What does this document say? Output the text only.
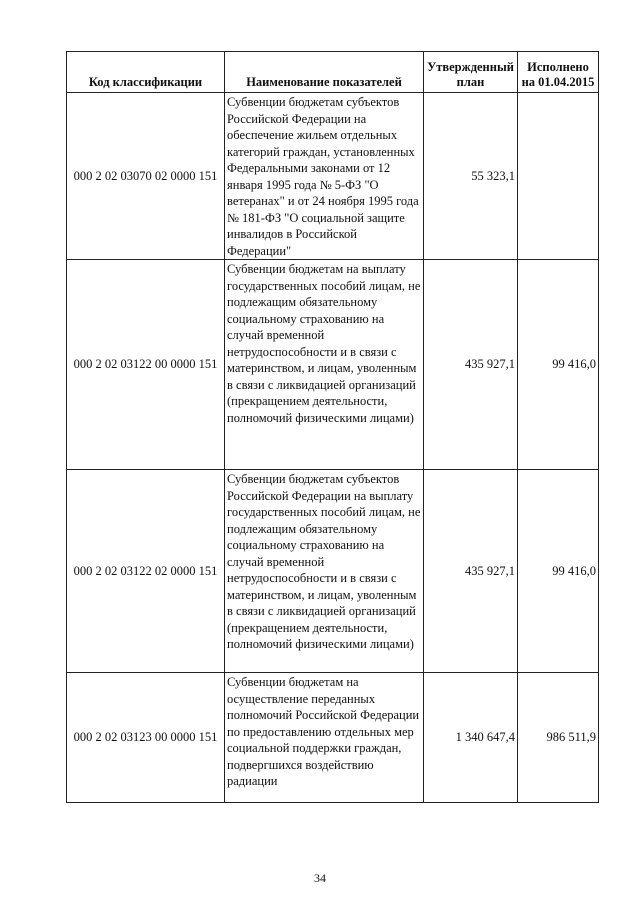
Код классификации	Наименование показателей	Утвержденный план	Исполнено на 01.04.2015
000 2 02 03070 02 0000 151	Субвенции бюджетам субъектов Российской Федерации на обеспечение жильем отдельных категорий граждан, установленных Федеральными законами от 12 января 1995 года № 5-ФЗ "О ветеранах" и от 24 ноября 1995 года № 181-ФЗ "О социальной защите инвалидов в Российской Федерации"	55 323,1	
000 2 02 03122 00 0000 151	Субвенции бюджетам на выплату государственных пособий лицам, не подлежащим обязательному социальному страхованию на случай временной нетрудоспособности и в связи с материнством, и лицам, уволенным в связи с ликвидацией организаций (прекращением деятельности, полномочий физическими лицами)	435 927,1	99 416,0
000 2 02 03122 02 0000 151	Субвенции бюджетам субъектов Российской Федерации на выплату государственных пособий лицам, не подлежащим обязательному социальному страхованию на случай временной нетрудоспособности и в связи с материнством, и лицам, уволенным в связи с ликвидацией организаций (прекращением деятельности, полномочий физическими лицами)	435 927,1	99 416,0
000 2 02 03123 00 0000 151	Субвенции бюджетам на осуществление переданных полномочий Российской Федерации по предоставлению отдельных мер социальной поддержки граждан, подвергшихся воздействию радиации	1 340 647,4	986 511,9
34
